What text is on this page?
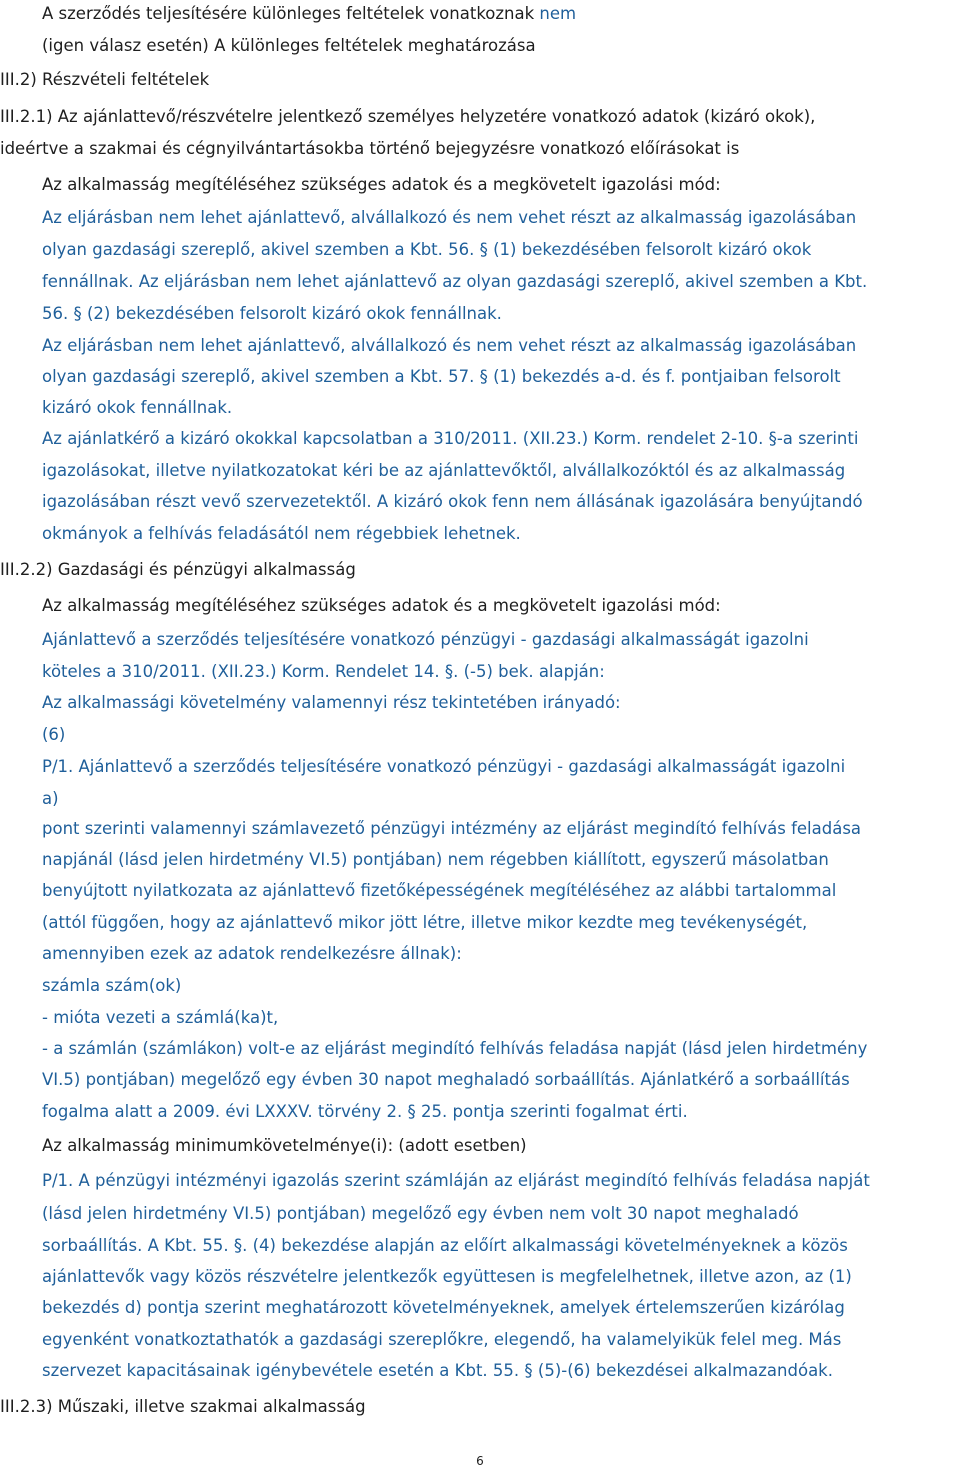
A szerződés teljesítésére különleges feltételek vonatkoznak nem
(igen válasz esetén) A különleges feltételek meghatározása
III.2) Részvételi feltételek
III.2.1) Az ajánlattevő/részvételre jelentkező személyes helyzetére vonatkozó adatok (kizáró okok),
ideértve a szakmai és cégnyilvántartásokba történő bejegyzésre vonatkozó előírásokat is
Az alkalmasság megítéléséhez szükséges adatok és a megkövetelt igazolási mód:
Az eljárásban nem lehet ajánlattevő, alvállalkozó és nem vehet részt az alkalmasság igazolásában
olyan gazdasági szereplő, akivel szemben a Kbt. 56. § (1) bekezdésében felsorolt kizáró okok
fennállnak. Az eljárásban nem lehet ajánlattevő az olyan gazdasági szereplő, akivel szemben a Kbt.
56. § (2) bekezdésében felsorolt kizáró okok fennállnak.
Az eljárásban nem lehet ajánlattevő, alvállalkozó és nem vehet részt az alkalmasság igazolásában
olyan gazdasági szereplő, akivel szemben a Kbt. 57. § (1) bekezdés a-d. és f. pontjaiban felsorolt
kizáró okok fennállnak.
Az ajánlatkérő a kizáró okokkal kapcsolatban a 310/2011. (XII.23.) Korm. rendelet 2-10. §-a szerinti
igazolásokat, illetve nyilatkozatokat kéri be az ajánlattevőktől, alvállalkozóktól és az alkalmasság
igazolásában részt vevő szervezetektől. A kizáró okok fenn nem állásának igazolására benyújtandó
okmányok a felhívás feladásától nem régebbiek lehetnek.
III.2.2) Gazdasági és pénzügyi alkalmasság
Az alkalmasság megítéléséhez szükséges adatok és a megkövetelt igazolási mód:
Ajánlattevő a szerződés teljesítésére vonatkozó pénzügyi - gazdasági alkalmasságát igazolni
köteles a 310/2011. (XII.23.) Korm. Rendelet 14. §. (-5) bek. alapján:
Az alkalmassági követelmény valamennyi rész tekintetében irányadó:
(6)
P/1. Ajánlattevő a szerződés teljesítésére vonatkozó pénzügyi - gazdasági alkalmasságát igazolni
a)
pont szerinti valamennyi számlavezető pénzügyi intézmény az eljárást megindító felhívás feladása
napjánál (lásd jelen hirdetmény VI.5) pontjában) nem régebben kiállított, egyszerű másolatban
benyújtott nyilatkozata az ajánlattevő fizetőképességének megítéléséhez az alábbi tartalommal
(attól függően, hogy az ajánlattevő mikor jött létre, illetve mikor kezdte meg tevékenységét,
amennyiben ezek az adatok rendelkezésre állnak):
számla szám(ok)
- mióta vezeti a számlá(ka)t,
- a számlán (számlákon) volt-e az eljárást megindító felhívás feladása napját (lásd jelen hirdetmény
VI.5) pontjában) megelőző egy évben 30 napot meghaladó sorbaállítás. Ajánlatkérő a sorbaállítás
fogalma alatt a 2009. évi LXXXV. törvény 2. § 25. pontja szerinti fogalmat érti.
Az alkalmasság minimumkövetelménye(i): (adott esetben)
P/1. A pénzügyi intézményi igazolás szerint számláján az eljárást megindító felhívás feladása napját
(lásd jelen hirdetmény VI.5) pontjában) megelőző egy évben nem volt 30 napot meghaladó
sorbaállítás. A Kbt. 55. §. (4) bekezdése alapján az előírt alkalmassági követelményeknek a közös
ajánlattevők vagy közös részvételre jelentkezők együttesen is megfelelhetnek, illetve azon, az (1)
bekezdés d) pontja szerint meghatározott követelményeknek, amelyek értelemszerűen kizárólag
egyenként vonatkoztathatók a gazdasági szereplőkre, elegendő, ha valamelyikük felel meg. Más
szervezet kapacitásainak igénybevétele esetén a Kbt. 55. § (5)-(6) bekezdései alkalmazandóak.
III.2.3) Műszaki, illetve szakmai alkalmasság
6
